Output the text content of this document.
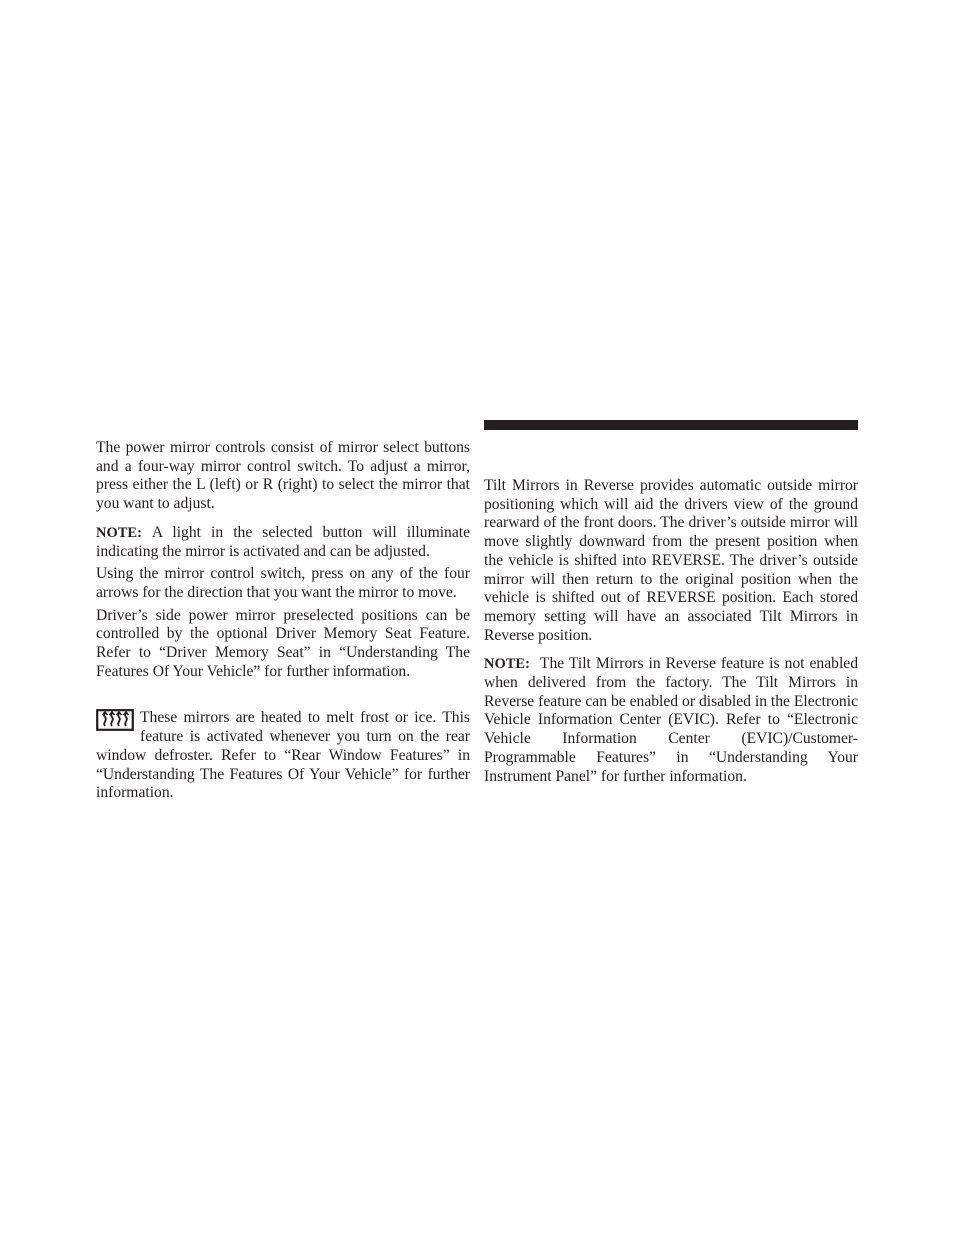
The power mirror controls consist of mirror select buttons and a four-way mirror control switch. To adjust a mirror, press either the L (left) or R (right) to select the mirror that you want to adjust.

NOTE: A light in the selected button will illuminate indicating the mirror is activated and can be adjusted.

Using the mirror control switch, press on any of the four arrows for the direction that you want the mirror to move.

Driver’s side power mirror preselected positions can be controlled by the optional Driver Memory Seat Feature. Refer to “Driver Memory Seat” in “Understanding The Features Of Your Vehicle” for further information.

These mirrors are heated to melt frost or ice. This feature is activated whenever you turn on the rear window defroster. Refer to “Rear Window Features” in “Understanding The Features Of Your Vehicle” for further information.

Tilt Mirrors in Reverse provides automatic outside mirror positioning which will aid the drivers view of the ground rearward of the front doors. The driver’s outside mirror will move slightly downward from the present position when the vehicle is shifted into REVERSE. The driver’s outside mirror will then return to the original position when the vehicle is shifted out of REVERSE position. Each stored memory setting will have an associated Tilt Mirrors in Reverse position.

NOTE: The Tilt Mirrors in Reverse feature is not enabled when delivered from the factory. The Tilt Mirrors in Reverse feature can be enabled or disabled in the Electronic Vehicle Information Center (EVIC). Refer to “Electronic Vehicle Information Center (EVIC)/Customer-Programmable Features” in “Understanding Your Instrument Panel” for further information.
